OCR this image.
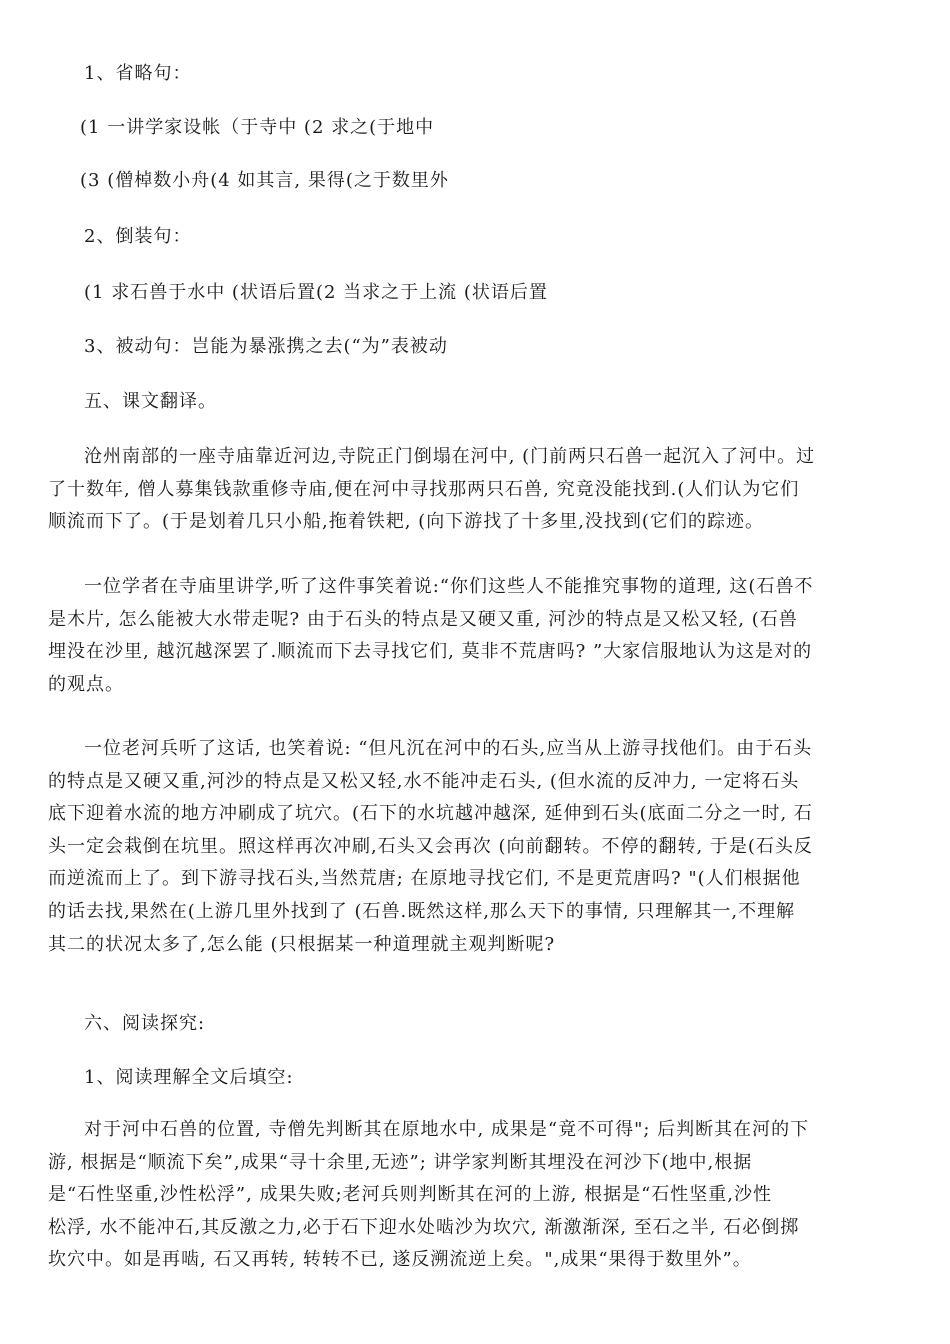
1、省略句：

(1 一讲学家设帐（于寺中 (2 求之(于地中

(3 (僧棹数小舟(4 如其言, 果得(之于数里外

2、倒装句：

(1 求石兽于水中 (状语后置(2 当求之于上流 (状语后置

3、被动句：岂能为暴涨携之去(“为”表被动

五、课文翻译。

沧州南部的一座寺庙靠近河边,寺院正门倒塌在河中, (门前两只石兽一起沉入了河中。过
了十数年, 僧人募集钱款重修寺庙,便在河中寻找那两只石兽, 究竟没能找到.(人们认为它们
顺流而下了。(于是划着几只小船,拖着铁耙, (向下游找了十多里,没找到(它们的踪迹。
一位学者在寺庙里讲学,听了这件事笑着说:“你们这些人不能推究事物的道理, 这(石兽不
是木片, 怎么能被大水带走呢? 由于石头的特点是又硬又重, 河沙的特点是又松又轻, (石兽
埋没在沙里, 越沉越深罢了.顺流而下去寻找它们, 莫非不荒唐吗? ”大家信服地认为这是对的
的观点。
一位老河兵听了这话, 也笑着说: “但凡沉在河中的石头,应当从上游寻找他们。由于石头
的特点是又硬又重,河沙的特点是又松又轻,水不能冲走石头, (但水流的反冲力, 一定将石头
底下迎着水流的地方冲刷成了坑穴。(石下的水坑越冲越深, 延伸到石头(底面二分之一时, 石
头一定会栽倒在坑里。照这样再次冲刷,石头又会再次 (向前翻转。不停的翻转, 于是(石头反
而逆流而上了。到下游寻找石头,当然荒唐; 在原地寻找它们, 不是更荒唐吗? "(人们根据他
的话去找,果然在(上游几里外找到了 (石兽.既然这样,那么天下的事情, 只理解其一,不理解
其二的状况太多了,怎么能 (只根据某一种道理就主观判断呢?

六、阅读探究:

1、阅读理解全文后填空:

对于河中石兽的位置, 寺僧先判断其在原地水中, 成果是“竟不可得"; 后判断其在河的下
游, 根据是“顺流下矣”,成果“寻十余里,无迹”; 讲学家判断其埋没在河沙下(地中,根据
是“石性坚重,沙性松浮”, 成果失败;老河兵则判断其在河的上游, 根据是“石性坚重,沙性
松浮, 水不能冲石,其反激之力,必于石下迎水处啮沙为坎穴, 渐激渐深, 至石之半, 石必倒掷
坎穴中。如是再啮, 石又再转, 转转不已, 遂反溯流逆上矣。",成果“果得于数里外”。
